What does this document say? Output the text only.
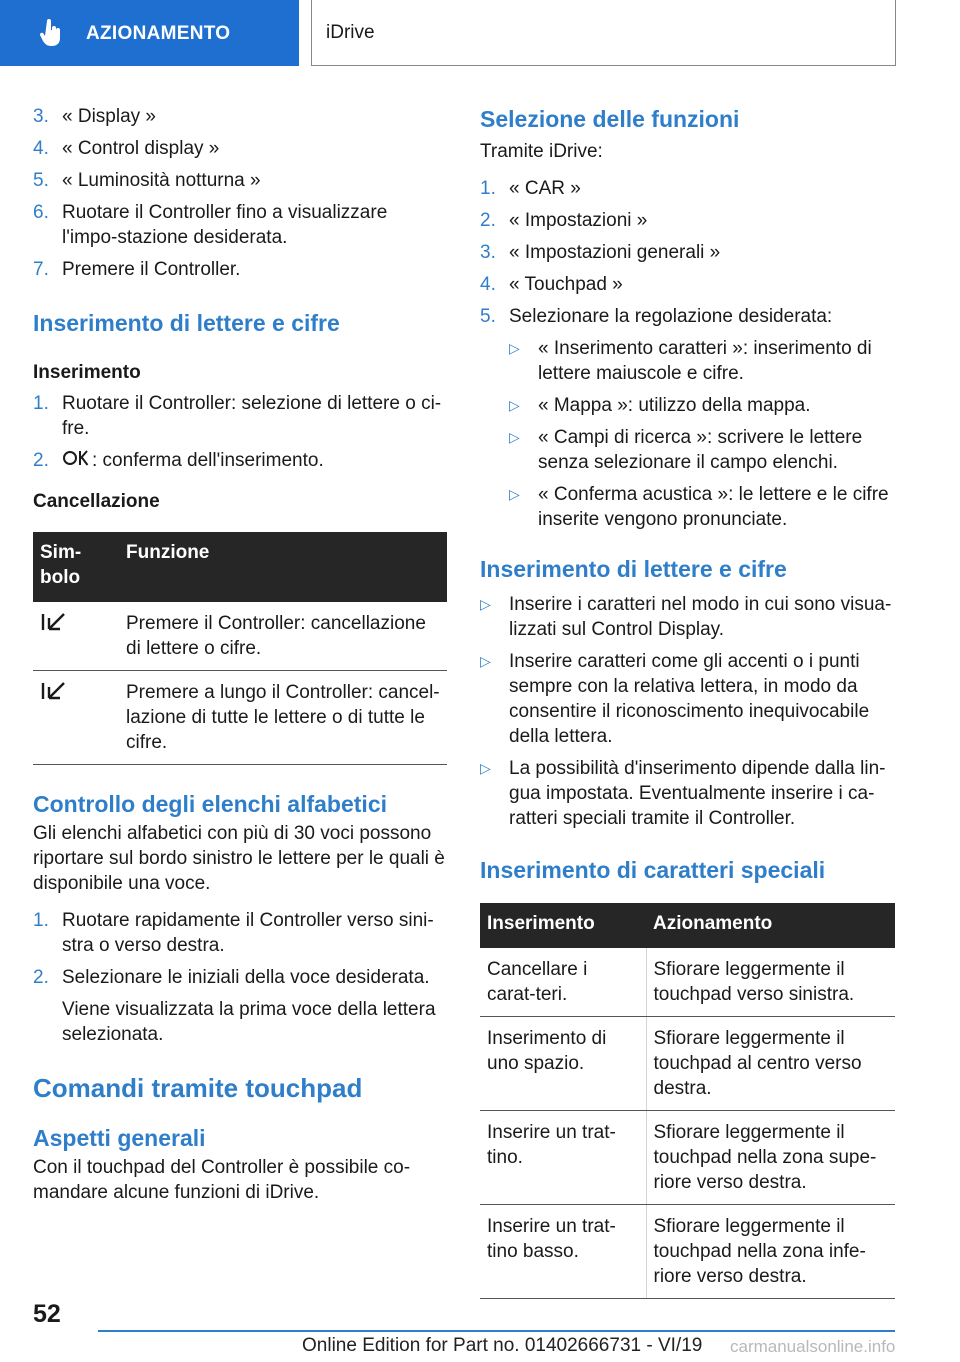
AZIONAMENTO	iDrive
3. « Display »
4. « Control display »
5. « Luminosità notturna »
6. Ruotare il Controller fino a visualizzare l'impo-stazione desiderata.
7. Premere il Controller.
Inserimento di lettere e cifre
Inserimento
1. Ruotare il Controller: selezione di lettere o ci-fre.
2.	: conferma dell'inserimento.
Cancellazione
Sim-bolo	Funzione
	Premere il Controller: cancellazione di lettere o cifre.
	Premere a lungo il Controller: cancel-lazione di tutte le lettere o di tutte le cifre.
Controllo degli elenchi alfabetici

Gli elenchi alfabetici con più di 30 voci possono riportare sul bordo sinistro le lettere per le quali è disponibile una voce.

1. Ruotare rapidamente il Controller verso sini-stra o verso destra.
2. Selezionare le iniziali della voce desiderata.

Viene visualizzata la prima voce della lettera selezionata.

Comandi tramite touchpad
Aspetti generali

Con il touchpad del Controller è possibile co-mandare alcune funzioni di iDrive.

Selezione delle funzioni

Tramite iDrive:

1. « CAR »
2. « Impostazioni »
3. « Impostazioni generali »
4. « Touchpad »
5. Selezionare la regolazione desiderata:
▷ « Inserimento caratteri »: inserimento di lettere maiuscole e cifre.
▷ « Mappa »: utilizzo della mappa.
▷ « Campi di ricerca »: scrivere le lettere senza selezionare il campo elenchi.
▷ « Conferma acustica »: le lettere e le cifre inserite vengono pronunciate.
Inserimento di lettere e cifre
▷ Inserire i caratteri nel modo in cui sono visua-lizzati sul Control Display.
▷ Inserire caratteri come gli accenti o i punti sempre con la relativa lettera, in modo da consentire il riconoscimento inequivocabile della lettera.
▷ La possibilità d'inserimento dipende dalla lin-gua impostata. Eventualmente inserire i ca-ratteri speciali tramite il Controller.
Inserimento di caratteri speciali
Inserimento	Azionamento
Cancellare i carat-teri.	Sfiorare leggermente il touchpad verso sinistra.
Inserimento di uno spazio.	Sfiorare leggermente il touchpad al centro verso destra.
Inserire un trat-tino.	Sfiorare leggermente il touchpad nella zona supe-riore verso destra.
Inserire un trat-tino basso.	Sfiorare leggermente il touchpad nella zona infe-riore verso destra.
52
Online Edition for Part no. 01402666731 - VI/19 carmanualsonline.info
